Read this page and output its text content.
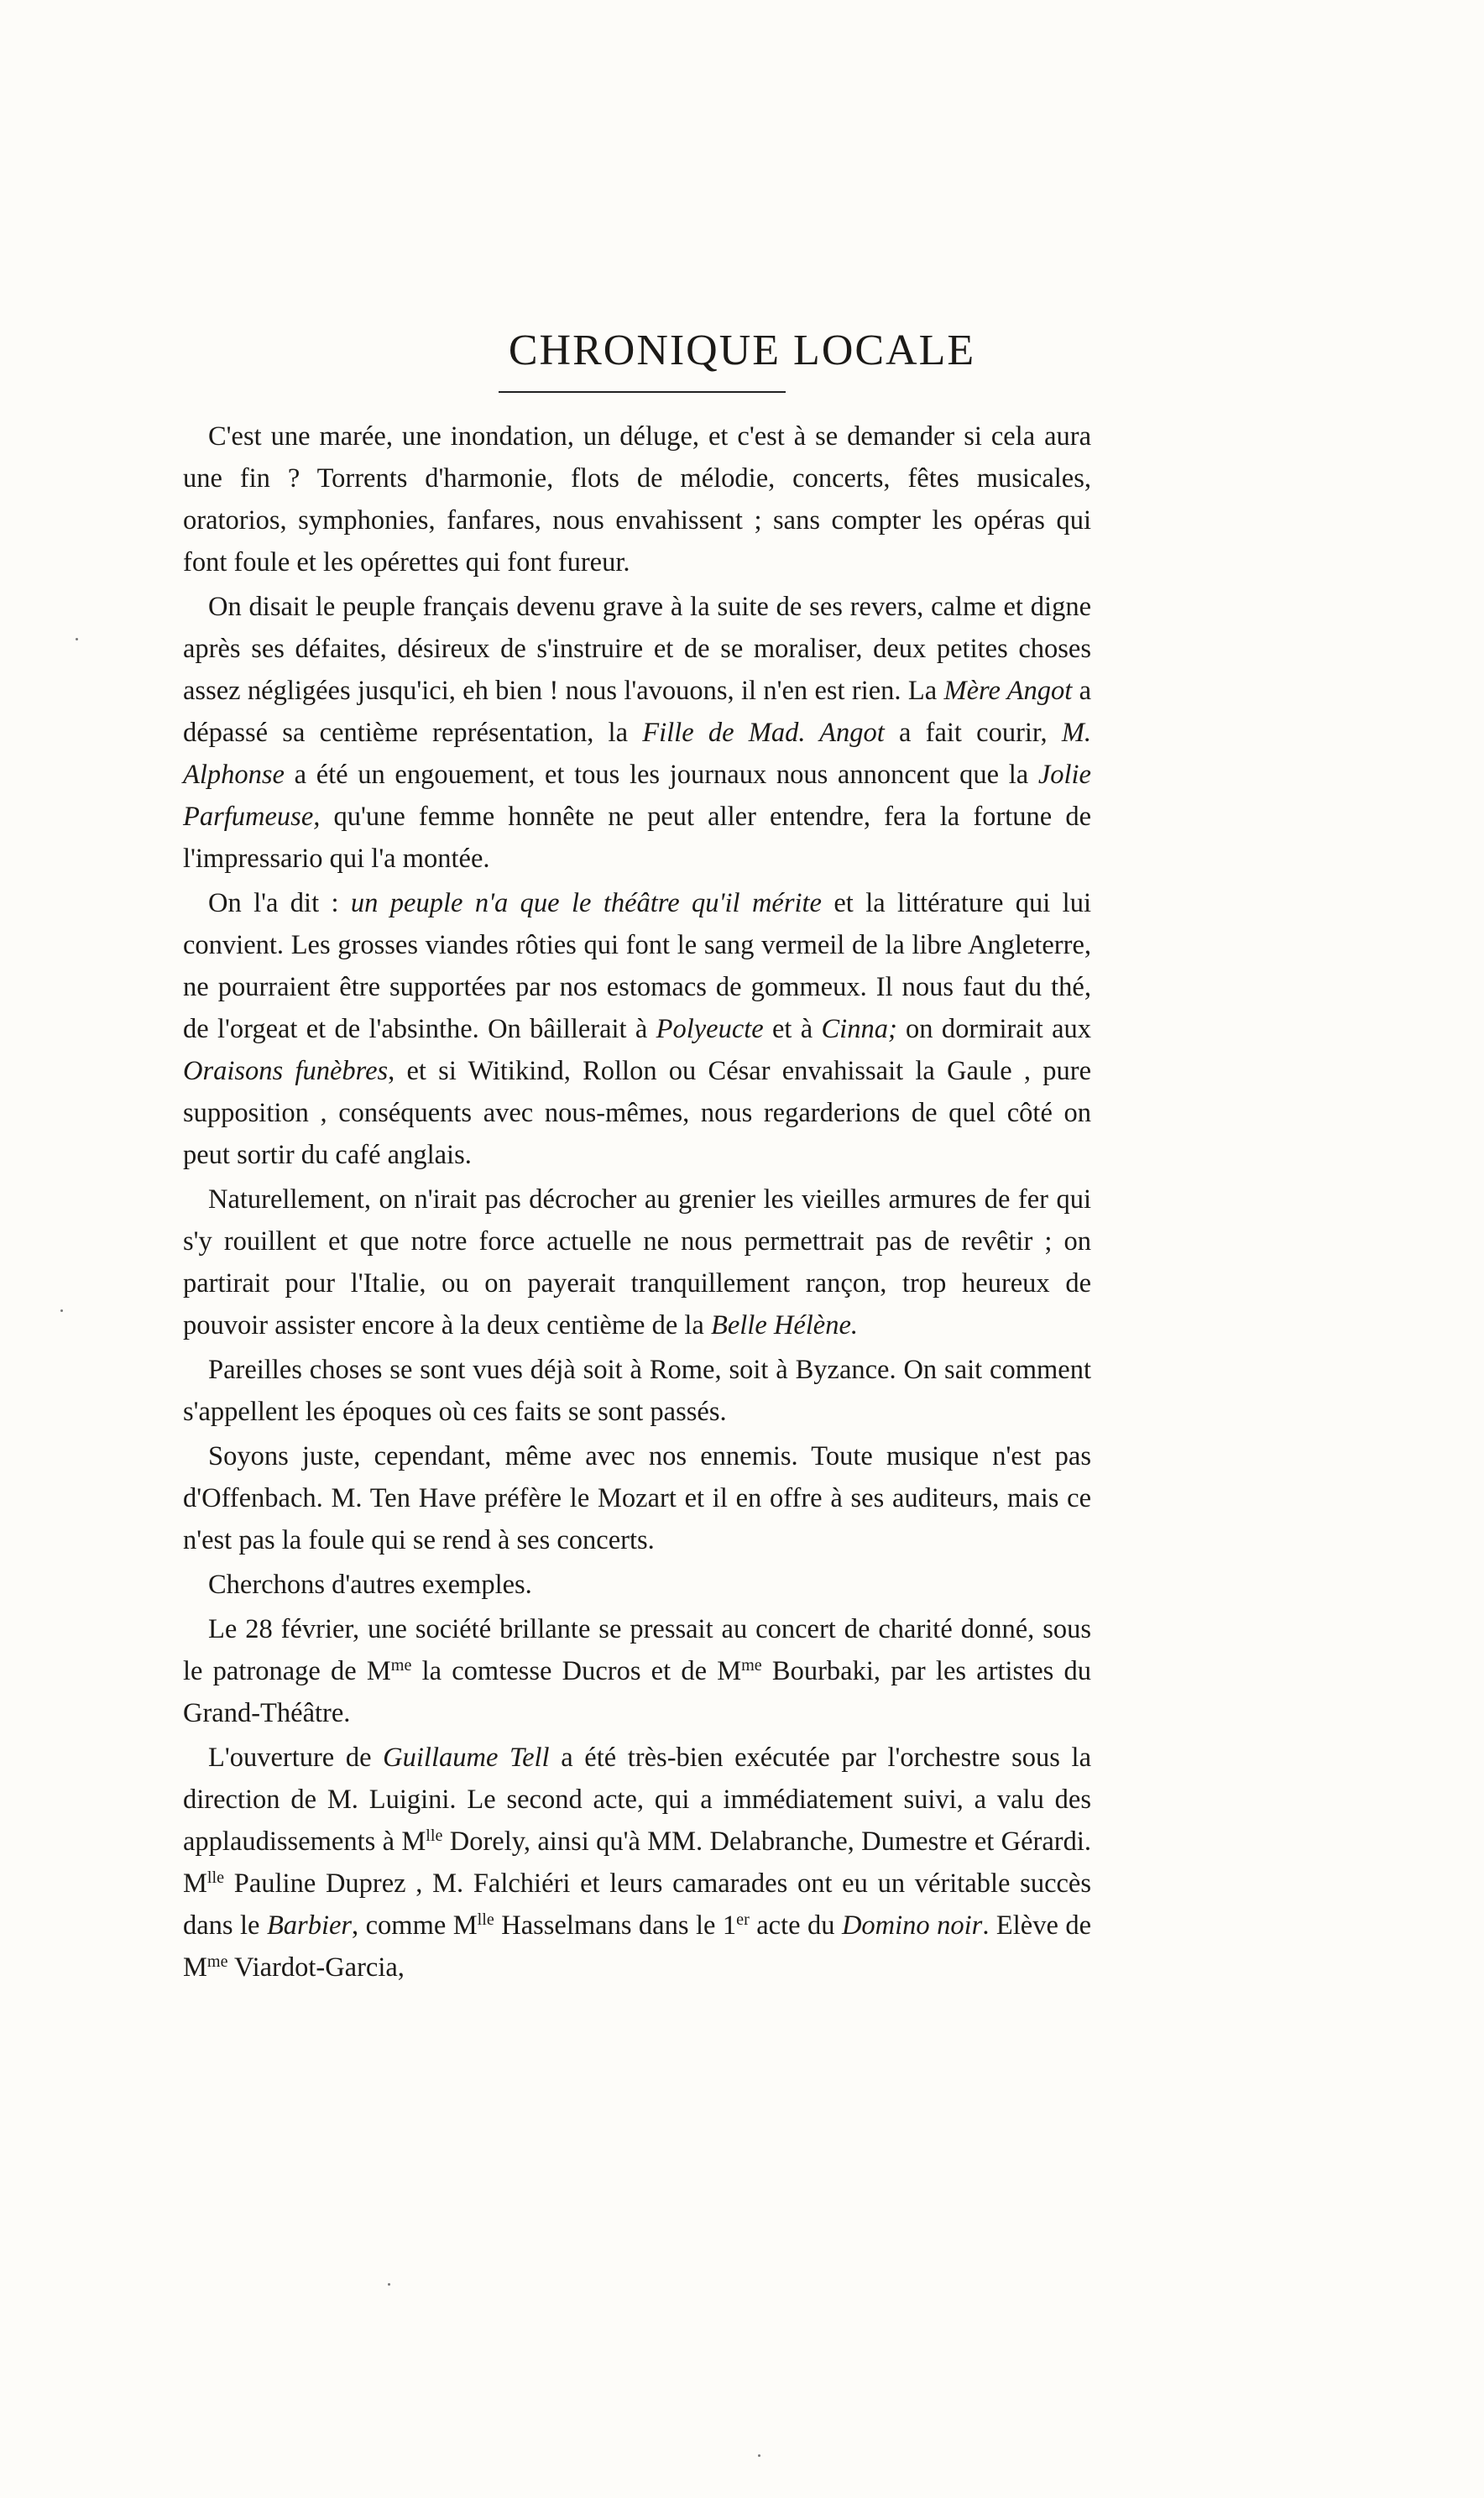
CHRONIQUE LOCALE

C'est une marée, une inondation, un déluge, et c'est à se demander si cela aura une fin ? Torrents d'harmonie, flots de mélodie, concerts, fêtes musicales, oratorios, symphonies, fanfares, nous envahissent ; sans compter les opéras qui font foule et les opérettes qui font fureur.

On disait le peuple français devenu grave à la suite de ses revers, calme et digne après ses défaites, désireux de s'instruire et de se moraliser, deux petites choses assez négligées jusqu'ici, eh bien ! nous l'avouons, il n'en est rien. La Mère Angot a dépassé sa centième représentation, la Fille de Mad. Angot a fait courir, M. Alphonse a été un engouement, et tous les journaux nous annoncent que la Jolie Parfumeuse, qu'une femme honnête ne peut aller entendre, fera la fortune de l'impressario qui l'a montée.

On l'a dit : un peuple n'a que le théâtre qu'il mérite et la littérature qui lui convient. Les grosses viandes rôties qui font le sang vermeil de la libre Angleterre, ne pourraient être supportées par nos estomacs de gommeux. Il nous faut du thé, de l'orgeat et de l'absinthe. On bâillerait à Polyeucte et à Cinna; on dormirait aux Oraisons funèbres, et si Witikind, Rollon ou César envahissait la Gaule , pure supposition , conséquents avec nous-mêmes, nous regarderions de quel côté on peut sortir du café anglais.

Naturellement, on n'irait pas décrocher au grenier les vieilles armures de fer qui s'y rouillent et que notre force actuelle ne nous permettrait pas de revêtir ; on partirait pour l'Italie, ou on payerait tranquillement rançon, trop heureux de pouvoir assister encore à la deux centième de la Belle Hélène.

Pareilles choses se sont vues déjà soit à Rome, soit à Byzance. On sait comment s'appellent les époques où ces faits se sont passés.

Soyons juste, cependant, même avec nos ennemis. Toute musique n'est pas d'Offenbach. M. Ten Have préfère le Mozart et il en offre à ses auditeurs, mais ce n'est pas la foule qui se rend à ses concerts.

Cherchons d'autres exemples.

Le 28 février, une société brillante se pressait au concert de charité donné, sous le patronage de $M^{me}$ la comtesse Ducros et de $M^{me}$ Bourbaki, par les artistes du Grand-Théâtre.

L'ouverture de Guillaume Tell a été très-bien exécutée par l'orchestre sous la direction de M. Luigini. Le second acte, qui a immédiatement suivi, a valu des applaudissements à $M^{lle}$ Dorely, ainsi qu'à MM. Delabranche, Dumestre et Gérardi. $M^{lle}$ Pauline Duprez , M. Falchiéri et leurs camarades ont eu un véritable succès dans le Barbier, comme $M^{lle}$ Hasselmans dans le 1er acte du Domino noir. Elève de $M^{me}$ Viardot-Garcia,
